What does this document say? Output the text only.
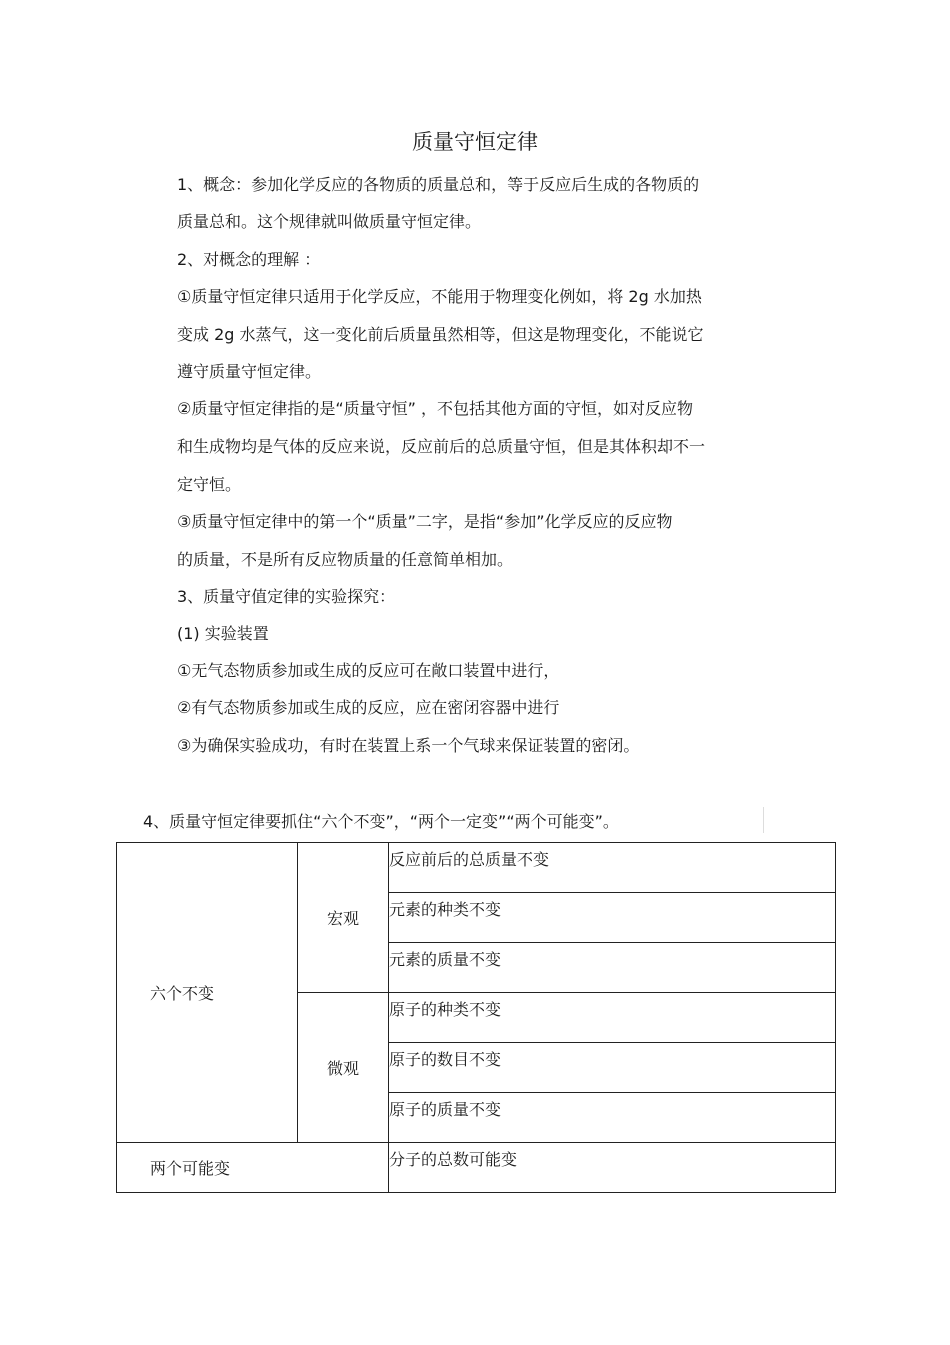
质量守恒定律
1、概念：参加化学反应的各物质的质量总和，等于反应后生成的各物质的
质量总和。这个规律就叫做质量守恒定律。
2、对概念的理解 ：
①质量守恒定律只适用于化学反应，不能用于物理变化例如，将 2g 水加热
变成 2g 水蒸气，这一变化前后质量虽然相等，但这是物理变化，不能说它
遵守质量守恒定律。
②质量守恒定律指的是“质量守恒” ，不包括其他方面的守恒，如对反应物
和生成物均是气体的反应来说，反应前后的总质量守恒，但是其体积却不一
定守恒。
③质量守恒定律中的第一个“质量”二字，是指“参加”化学反应的反应物
的质量，不是所有反应物质量的任意简单相加。
3、质量守值定律的实验探究：
(1) 实验装置
①无气态物质参加或生成的反应可在敞口装置中进行，
②有气态物质参加或生成的反应，应在密闭容器中进行
③为确保实验成功，有时在装置上系一个气球来保证装置的密闭。
4、质量守恒定律要抓住“六个不变”，“两个一定变”“两个可能变”。
六个不变	宏观	反应前后的总质量不变

		元素的种类不变

		元素的质量不变

	微观	原子的种类不变

		原子的数目不变

		原子的质量不变

两个可能变		分子的总数可能变
